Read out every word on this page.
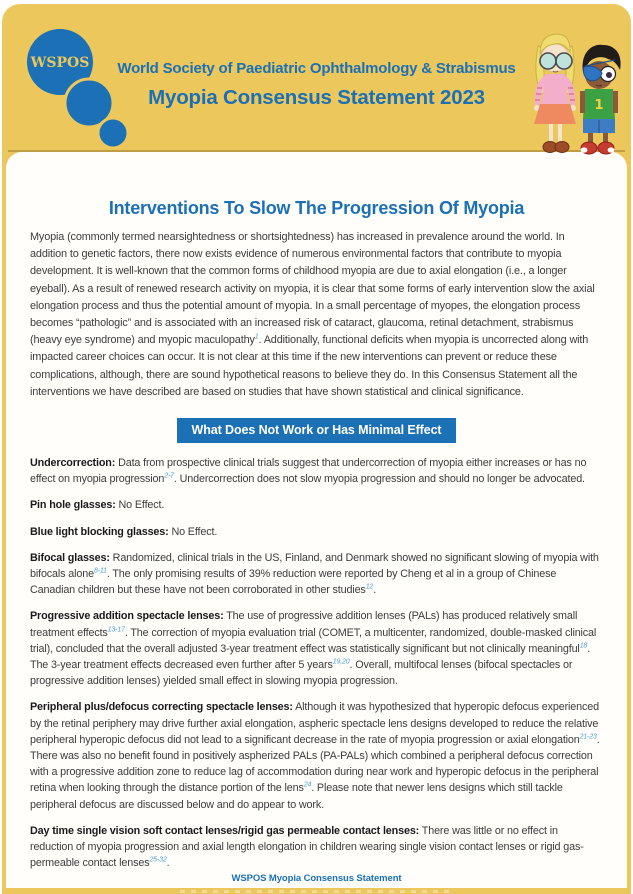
WSPOS	World Society of Paediatric Ophthalmology & Strabismus
Myopia Consensus Statement 2023	1
Interventions To Slow The Progression Of Myopia

Myopia (commonly termed nearsightedness or shortsightedness) has increased in prevalence around the world. In addition to genetic factors, there now exists evidence of numerous environmental factors that contribute to myopia development. It is well-known that the common forms of childhood myopia are due to axial elongation (i.e., a longer eyeball). As a result of renewed research activity on myopia, it is clear that some forms of early intervention slow the axial elongation process and thus the potential amount of myopia. In a small percentage of myopes, the elongation process becomes “pathologic” and is associated with an increased risk of cataract, glaucoma, retinal detachment, strabismus (heavy eye syndrome) and myopic maculopathy$^1$. Additionally, functional deficits when myopia is uncorrected along with impacted career choices can occur. It is not clear at this time if the new interventions can prevent or reduce these complications, although, there are sound hypothetical reasons to believe they do. In this Consensus Statement all the interventions we have described are based on studies that have shown statistical and clinical significance.

What Does Not Work or Has Minimal Effect

Undercorrection: Data from prospective clinical trials suggest that undercorrection of myopia either increases or has no effect on myopia progression$^{2-7}$. Undercorrection does not slow myopia progression and should no longer be advocated.

Pin hole glasses: No Effect.

Blue light blocking glasses: No Effect.

Bifocal glasses: Randomized, clinical trials in the US, Finland, and Denmark showed no significant slowing of myopia with bifocals alone$^{8-11}$. The only promising results of 39% reduction were reported by Cheng et al in a group of Chinese Canadian children but these have not been corroborated in other studies$^{12}$.

Progressive addition spectacle lenses: The use of progressive addition lenses (PALs) has produced relatively small treatment effects$^{13-17}$. The correction of myopia evaluation trial (COMET, a multicenter, randomized, double-masked clinical trial), concluded that the overall adjusted 3-year treatment effect was statistically significant but not clinically meaningful$^{18}$. The 3-year treatment effects decreased even further after 5 years$^{19,20}$. Overall, multifocal lenses (bifocal spectacles or progressive addition lenses) yielded small effect in slowing myopia progression.

Peripheral plus/defocus correcting spectacle lenses: Although it was hypothesized that hyperopic defocus experienced by the retinal periphery may drive further axial elongation, aspheric spectacle lens designs developed to reduce the relative peripheral hyperopic defocus did not lead to a significant decrease in the rate of myopia progression or axial elongation$^{21-23}$. There was also no benefit found in positively aspherized PALs (PA-PALs) which combined a peripheral defocus correction with a progressive addition zone to reduce lag of accommodation during near work and hyperopic defocus in the peripheral retina when looking through the distance portion of the lens$^{24}$. Please note that newer lens designs which still tackle peripheral defocus are discussed below and do appear to work.

Day time single vision soft contact lenses/rigid gas permeable contact lenses: There was little or no effect in reduction of myopia progression and axial length elongation in children wearing single vision contact lenses or rigid gas-permeable contact lenses$^{25-32}$.

WSPOS Myopia Consensus Statement
